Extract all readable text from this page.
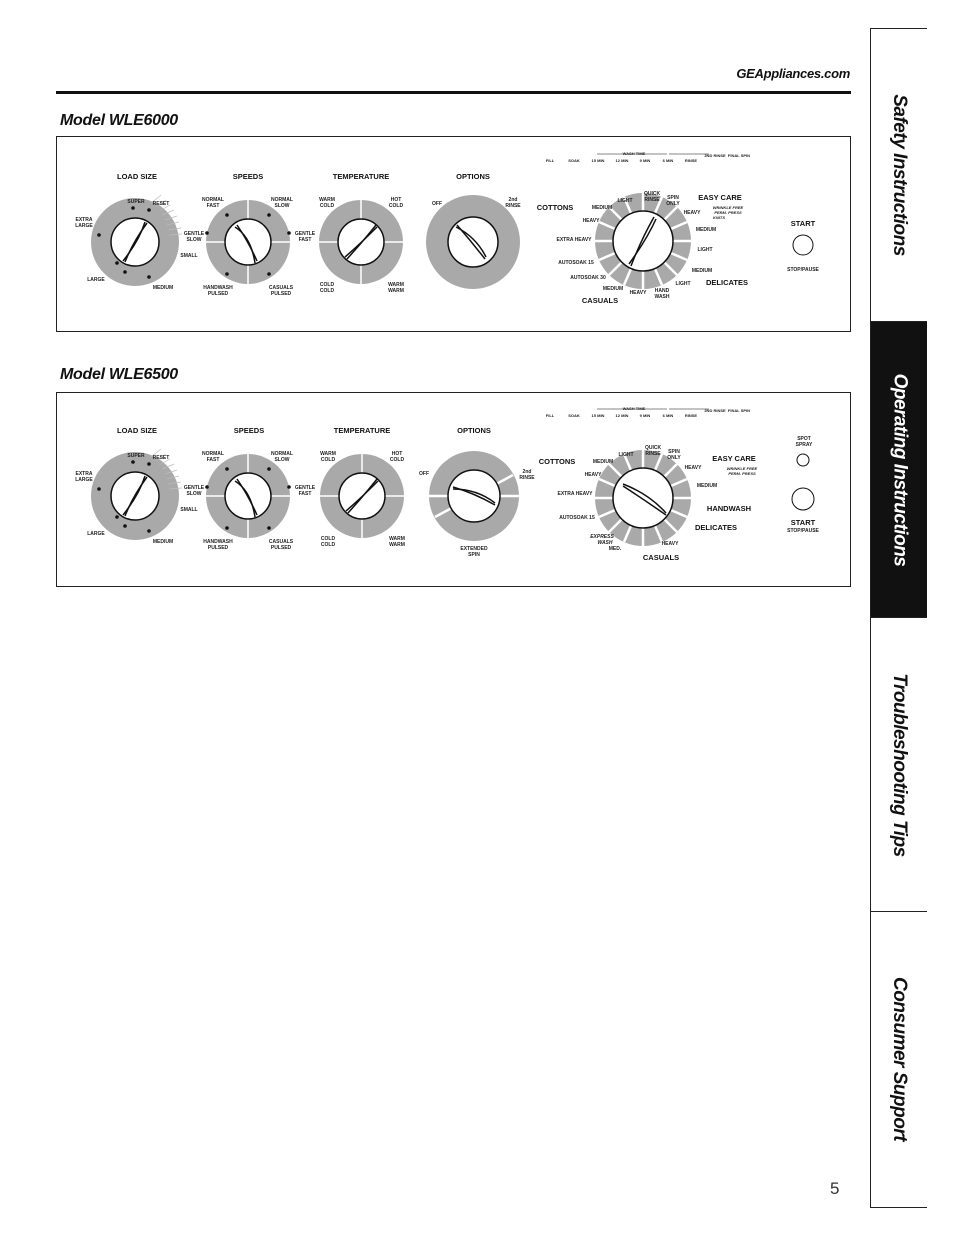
GEAppliances.com
Model WLE6000
LOAD SIZE
SUPER RESET
EXTRA
LARGE
SMALL
MEDIUM
LARGE
SPEEDS
NORMAL
FAST
NORMAL
SLOW
GENTLE
SLOW
GENTLE
FAST
HANDWASH
PULSED
CASUALS
PULSED
TEMPERATURE
WARM
COLD
HOT
COLD
COLD
COLD
WARM
WARM
OPTIONS
OFF
2nd
RINSE
WASH TIME
FILL	SOAK	15 MIN	12 MIN	9 MIN	6 MIN	RINSE
2ND RINSE FINAL SPIN
COTTONS	MEDIUM
LIGHT
QUICK
RINSE SPIN
ONLY
HEAVY
EXTRA HEAVY
AUTOSOAK 15
AUTOSOAK 30
MEDIUM
HEAVY HAND
WASH
CASUALS
EASY CARE
WRINKLE FREE
PERM. PRESS
KNITS
HEAVY
MEDIUM
LIGHT
MEDIUM
LIGHT DELICATES
START
STOP/PAUSE
Model WLE6500
LOAD SIZE
SUPER RESET
EXTRA
LARGE
SMALL
MEDIUM
LARGE
SPEEDS
NORMAL
FAST
NORMAL
SLOW
GENTLE
SLOW
GENTLE
FAST
HANDWASH
PULSED
CASUALS
PULSED
TEMPERATURE
WARM
COLD
HOT
COLD
COLD
COLD
WARM
WARM
OPTIONS
OFF	2nd
RINSE
EXTENDED
SPIN
WASH TIME
FILL	SOAK	15 MIN	12 MIN	9 MIN	6 MIN	RINSE
2ND RINSE FINAL SPIN
COTTONS	MEDIUM
LIGHT
QUICK
RINSE SPIN
ONLY
HEAVY
EXTRA HEAVY
AUTOSOAK 15
EXPRESS
WASH
MED.
HEAVY
CASUALS
EASY CARE
WRINKLE FREE
PERM. PRESS
HEAVY
MEDIUM
HANDWASH
DELICATES
SPOT
SPRAY
START
STOP/PAUSE
5
Safety Instructions
Operating Instructions
Troubleshooting Tips
Consumer Support
